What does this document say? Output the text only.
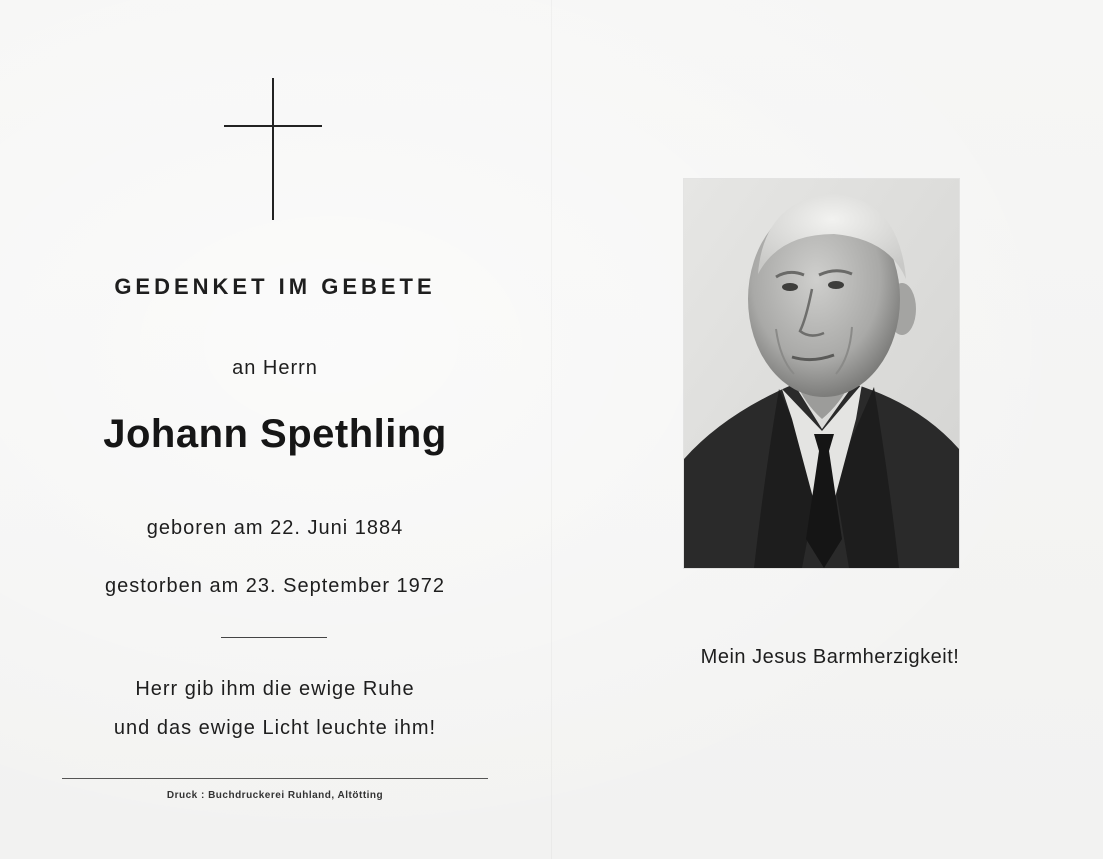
GEDENKET IM GEBETE
an Herrn
Johann Spethling
geboren am 22. Juni 1884
gestorben am 23. September 1972
Herr gib ihm die ewige Ruhe
und das ewige Licht leuchte ihm!
Druck : Buchdruckerei Ruhland, Altötting
Mein Jesus Barmherzigkeit!
